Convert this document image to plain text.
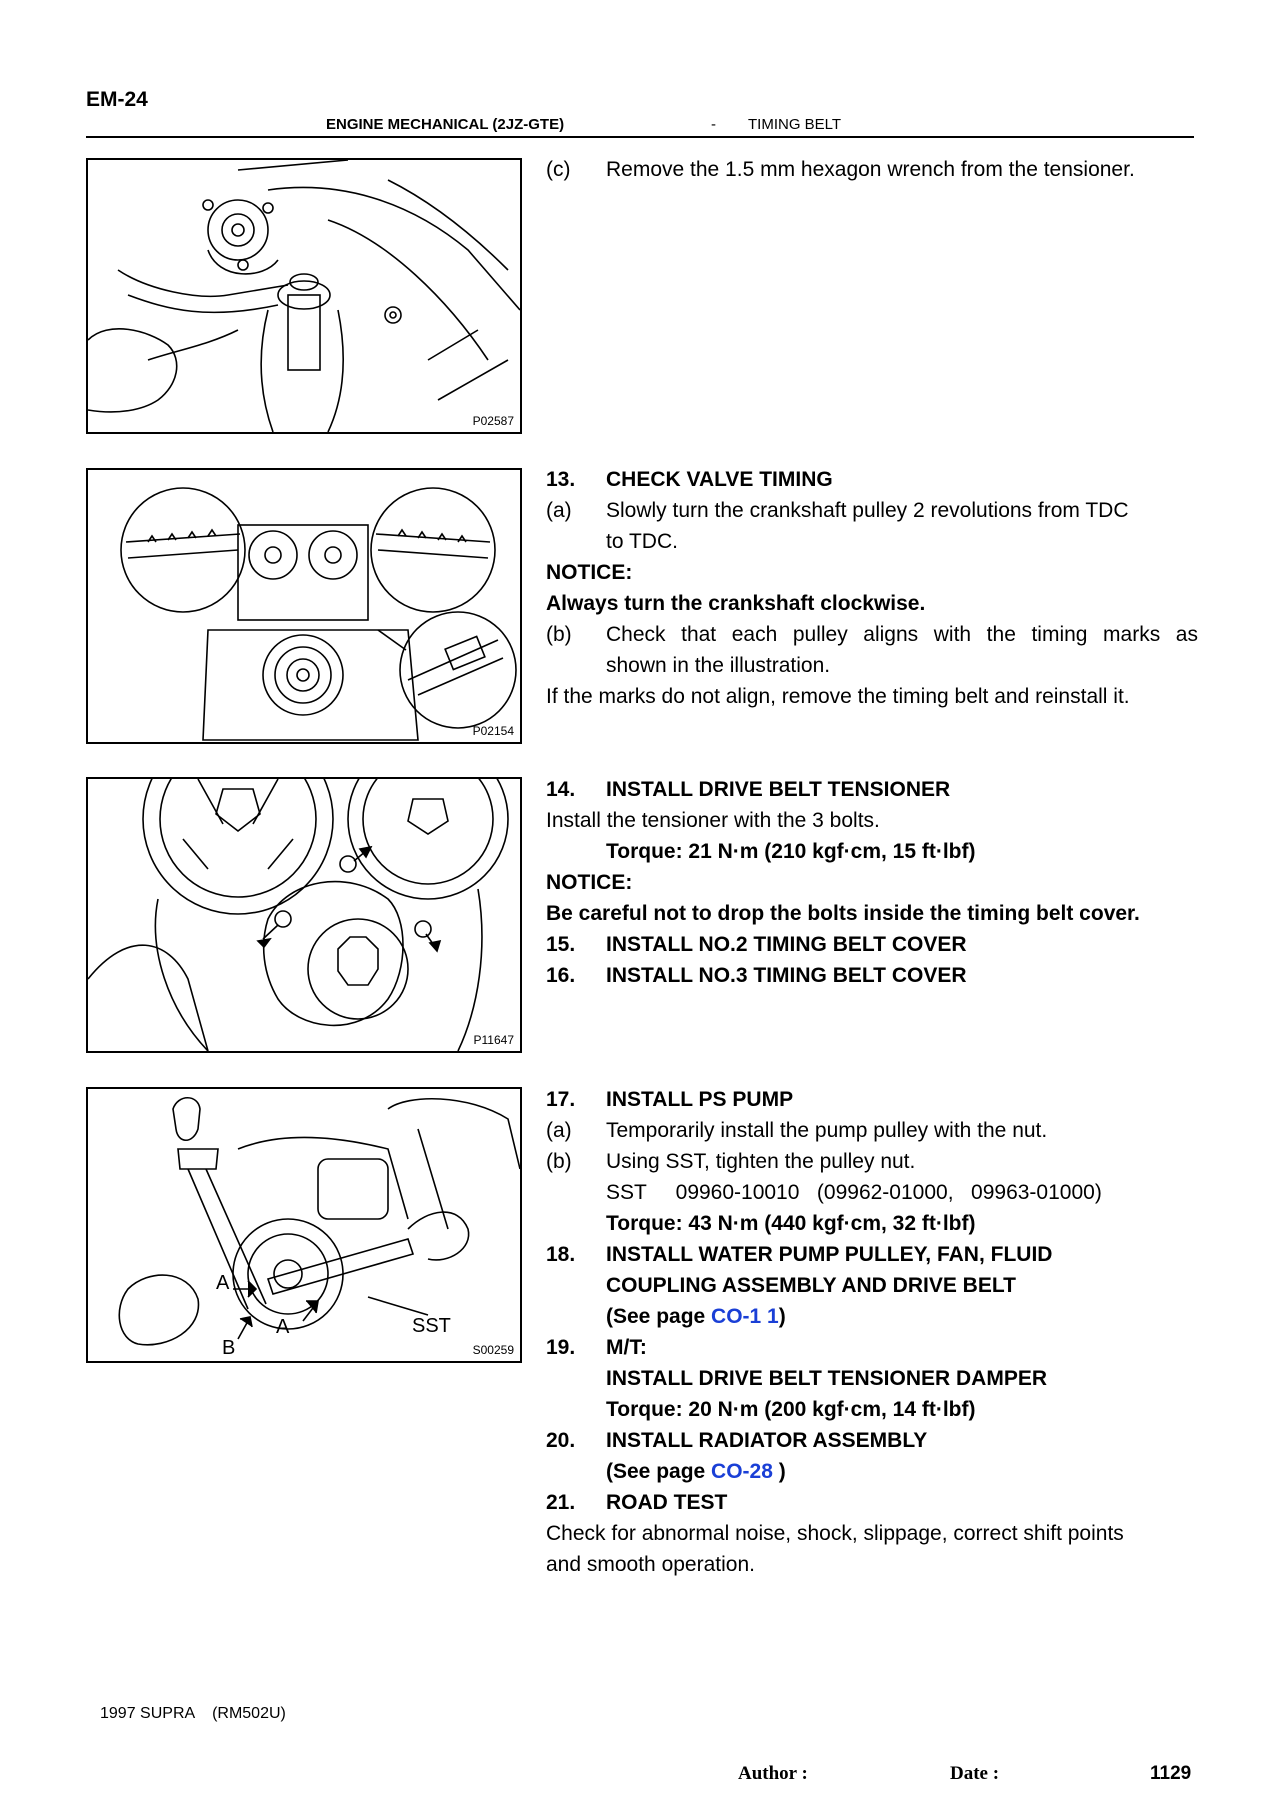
EM-24
ENGINE MECHANICAL (2JZ-GTE)	- TIMING BELT
P02587
P02154
P11647
A
A
B
SST
S00259
(c) Remove the 1.5 mm hexagon wrench from the tensioner.
13. CHECK VALVE TIMING
(a) Slowly turn the crankshaft pulley 2 revolutions from TDC
to TDC.
NOTICE:
Always turn the crankshaft clockwise.
(b) Check that each pulley aligns with the timing marks as
shown in the illustration.
If the marks do not align, remove the timing belt and reinstall it.
14. INSTALL DRIVE BELT TENSIONER
Install the tensioner with the 3 bolts.
Torque: 21 N·m (210 kgf·cm, 15 ft·lbf)
NOTICE:
Be careful not to drop the bolts inside the timing belt cover.
15. INSTALL NO.2 TIMING BELT COVER
16. INSTALL NO.3 TIMING BELT COVER
17. INSTALL PS PUMP
(a) Temporarily install the pump pulley with the nut.
(b) Using SST, tighten the pulley nut.
SST     09960-10010   (09962-01000,   09963-01000)
Torque: 43 N·m (440 kgf·cm, 32 ft·lbf)
18. INSTALL WATER PUMP PULLEY, FAN, FLUID
COUPLING ASSEMBLY AND DRIVE BELT
(See page CO-1 1)
19. M/T:
INSTALL DRIVE BELT TENSIONER DAMPER
Torque: 20 N·m (200 kgf·cm, 14 ft·lbf)
20. INSTALL RADIATOR ASSEMBLY
(See page CO-28 )
21. ROAD TEST
Check for abnormal noise, shock, slippage, correct shift points
and smooth operation.
1997 SUPRA    (RM502U)
Author :	Date :	1129
